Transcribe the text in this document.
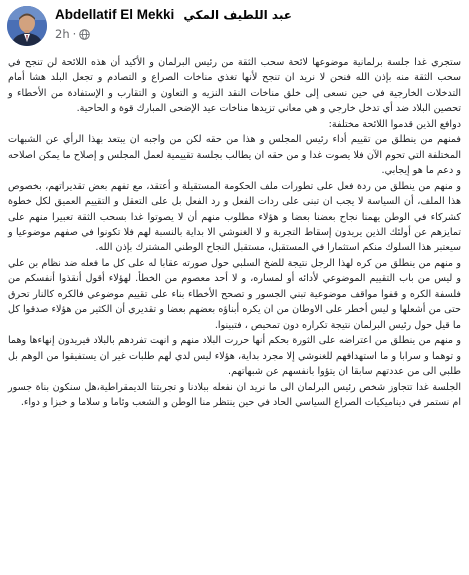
Abdellatif El Mekki عبد اللطيف المكي
2h ·

ستجري غدا جلسة برلمانية موضوعها لائحة سحب الثقة من رئيس البرلمان و الأكيد أن هذه اللائحة لن تنجح في سحب الثقة منه بإذن الله فنحن لا نريد ان تنجح لأنها تغذي مناخات الصراع و التصادم و تجعل البلد هشا أمام التدخلات الخارجية في حين نسعى إلى خلق مناخات النقد النزيه و التعاون و التقارب و الإستفادة من الأخطاء و تحصين البلاد ضد أي تدخل خارجي و هي معاني تزيدها مناخات عيد الإضحى المبارك قوة و الحاحية.

دوافع الذين قدموا اللائحة مختلفة:

فمنهم من ينطلق من تقييم أداء رئيس المجلس و هذا من حقه لكن من واجبه ان يبتعد بهذا الرأي عن الشبهات المختلفة التي تحوم الآن فلا يصوت غدا و من حقه ان يطالب بجلسة تقييمية لعمل المجلس و إصلاح ما يمكن اصلاحه و دعم ما هو إيجابي.

و منهم من ينطلق من ردة فعل على تطورات ملف الحكومة المستقيلة و أعتقد، مع تفهم بعض تقديراتهم، بخصوص هذا الملف، أن السياسة لا يجب ان تبنى على ردات الفعل و رد الفعل بل على التعقل و التقييم العميق لكل خطوة كشركاء في الوطن يهمنا نجاح بعضنا بعضا و هؤلاء مطلوب منهم أن لا يصوتوا غدا بسحب الثقة تعبيرا منهم على تمايزهم عن أولئك الذين يريدون إسقاط التجربة و لا الغنوشي الا بداية بالنسبة لهم فلا تكونوا في صفهم موضوعيا و سيعتبر هذا السلوك منكم استثمارا في المستقبل، مستقبل النجاح الوطني المشترك بإذن الله.

و منهم من ينطلق من كره لهذا الرجل نتيجة للضخ السلبي حول صورته عقابا له على كل ما فعله ضد نظام بن علي و ليس من باب التقييم الموضوعي لأدائه أو لمساره، و لا أحد معصوم من الخطأ. لهؤلاء أقول أنقذوا أنفسكم من فلسفة الكره و قفوا مواقف موضوعية تبني الجسور و تصحح الأخطاء بناء على تقييم موضوعي فالكره كالنار تحرق حتى من أشعلها و ليس أخطر على الاوطان من ان يكره أبناؤه بعضهم بعضا و تقديري أن الكثير من هؤلاء صدقوا كل ما قيل حول رئيس البرلمان نتيجة تكراره دون تمحيص ، فتبينوا.

و منهم من ينطلق من اعتراضه على الثورة بحكم أنها حررت البلاد منهم و انهت تفردهم بالبلاد فيريدون إنهاءها وهما و توهما و سرابا و ما استهدافهم للغنوشي إلا مجرد بداية، هؤلاء ليس لدي لهم طلبات غير ان يستفيقوا من الوهم بل طلبي الى من عددتهم سابقا ان يتؤوا بانفسهم عن شبهاتهم.

الجلسة غدا تتجاوز شخص رئيس البرلمان الى ما نريد ان نفعله ببلادنا و تجربتنا الديمقراطية،هل سنكون بناة جسور ام نستمر في ديناميكيات الصراع السياسي الحاد في حين ينتظر منا الوطن و الشعب وئاما و سلاما و خبزا و دواء.
